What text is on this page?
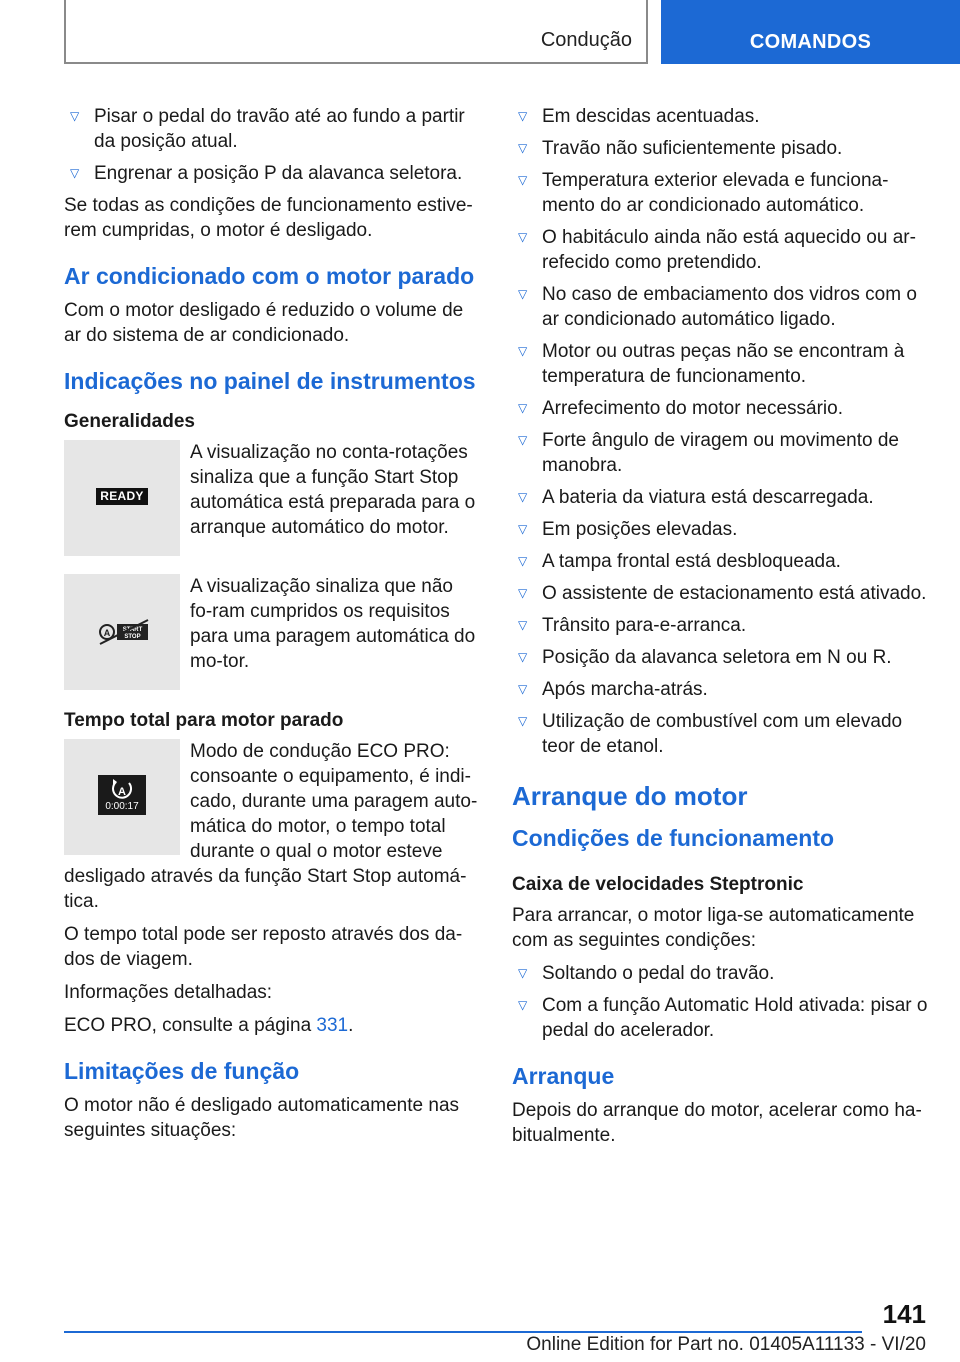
Condução	COMANDOS
▽ Pisar o pedal do travão até ao fundo a partir da posição atual.
▽ Engrenar a posição P da alavanca seletora.

Se todas as condições de funcionamento estive-rem cumpridas, o motor é desligado.

Ar condicionado com o motor parado

Com o motor desligado é reduzido o volume de ar do sistema de ar condicionado.

Indicações no painel de instrumentos
Generalidades
READY
A visualização no conta-rotações sinaliza que a função Start Stop automática está preparada para o arranque automático do motor.
A START
STOP
A visualização sinaliza que não fo-ram cumpridos os requisitos para uma paragem automática do mo-tor.
Tempo total para motor parado
A
0:00:17
Modo de condução ECO PRO: consoante o equipamento, é indi-cado, durante uma paragem auto-mática do motor, o tempo total durante o qual o motor esteve desligado através da função Start Stop automá-tica.

O tempo total pode ser reposto através dos da-dos de viagem.

Informações detalhadas:

ECO PRO, consulte a página 331.

Limitações de função

O motor não é desligado automaticamente nas seguintes situações:

▽ Em descidas acentuadas.
▽ Travão não suficientemente pisado.
▽ Temperatura exterior elevada e funciona-mento do ar condicionado automático.
▽ O habitáculo ainda não está aquecido ou ar-refecido como pretendido.
▽ No caso de embaciamento dos vidros com o ar condicionado automático ligado.
▽ Motor ou outras peças não se encontram à temperatura de funcionamento.
▽ Arrefecimento do motor necessário.
▽ Forte ângulo de viragem ou movimento de manobra.
▽ A bateria da viatura está descarregada.
▽ Em posições elevadas.
▽ A tampa frontal está desbloqueada.
▽ O assistente de estacionamento está ativado.
▽ Trânsito para-e-arranca.
▽ Posição da alavanca seletora em N ou R.
▽ Após marcha-atrás.
▽ Utilização de combustível com um elevado teor de etanol.
Arranque do motor
Condições de funcionamento
Caixa de velocidades Steptronic

Para arrancar, o motor liga-se automaticamente com as seguintes condições:

▽ Soltando o pedal do travão.
▽ Com a função Automatic Hold ativada: pisar o pedal do acelerador.
Arranque

Depois do arranque do motor, acelerar como ha-bitualmente.

141
Online Edition for Part no. 01405A11133 - VI/20
